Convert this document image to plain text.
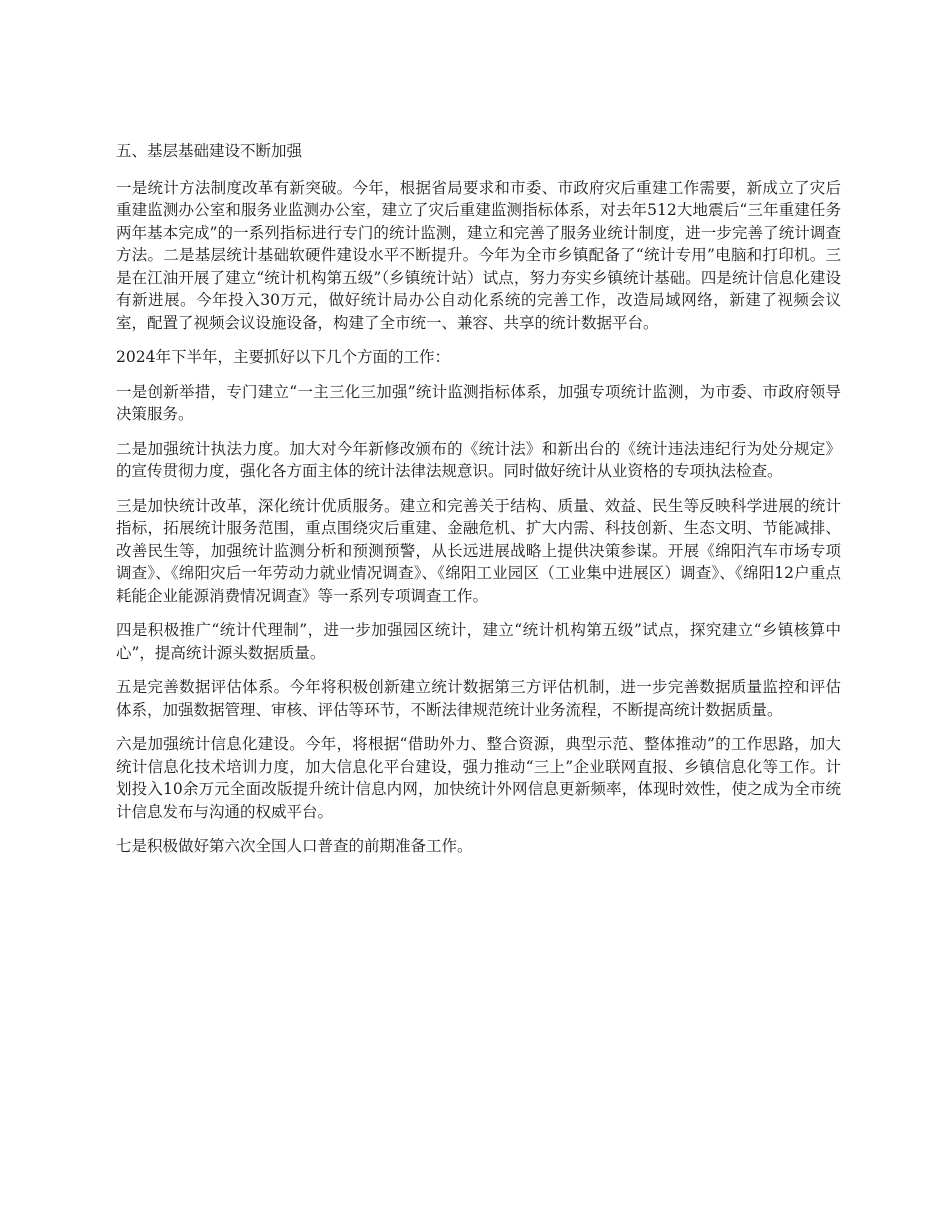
五、基层基础建设不断加强

一是统计方法制度改革有新突破。今年，根据省局要求和市委、市政府灾后重建工作需要，新成立了灾后重建监测办公室和服务业监测办公室，建立了灾后重建监测指标体系，对去年512大地震后“三年重建任务两年基本完成”的一系列指标进行专门的统计监测，建立和完善了服务业统计制度，进一步完善了统计调查方法。二是基层统计基础软硬件建设水平不断提升。今年为全市乡镇配备了“统计专用”电脑和打印机。三是在江油开展了建立“统计机构第五级”（乡镇统计站）试点，努力夯实乡镇统计基础。四是统计信息化建设有新进展。今年投入30万元，做好统计局办公自动化系统的完善工作，改造局域网络，新建了视频会议室，配置了视频会议设施设备，构建了全市统一、兼容、共享的统计数据平台。

2024年下半年，主要抓好以下几个方面的工作：

一是创新举措，专门建立“一主三化三加强”统计监测指标体系，加强专项统计监测，为市委、市政府领导决策服务。

二是加强统计执法力度。加大对今年新修改颁布的《统计法》和新出台的《统计违法违纪行为处分规定》的宣传贯彻力度，强化各方面主体的统计法律法规意识。同时做好统计从业资格的专项执法检查。

三是加快统计改革，深化统计优质服务。建立和完善关于结构、质量、效益、民生等反映科学进展的统计指标，拓展统计服务范围，重点围绕灾后重建、金融危机、扩大内需、科技创新、生态文明、节能减排、改善民生等，加强统计监测分析和预测预警，从长远进展战略上提供决策参谋。开展《绵阳汽车市场专项调查》、《绵阳灾后一年劳动力就业情况调查》、《绵阳工业园区（工业集中进展区）调查》、《绵阳12户重点耗能企业能源消费情况调查》等一系列专项调查工作。

四是积极推广“统计代理制”，进一步加强园区统计，建立“统计机构第五级”试点，探究建立“乡镇核算中心”，提高统计源头数据质量。

五是完善数据评估体系。今年将积极创新建立统计数据第三方评估机制，进一步完善数据质量监控和评估体系，加强数据管理、审核、评估等环节，不断法律规范统计业务流程，不断提高统计数据质量。

六是加强统计信息化建设。今年，将根据“借助外力、整合资源，典型示范、整体推动”的工作思路，加大统计信息化技术培训力度，加大信息化平台建设，强力推动“三上”企业联网直报、乡镇信息化等工作。计划投入10余万元全面改版提升统计信息内网，加快统计外网信息更新频率，体现时效性，使之成为全市统计信息发布与沟通的权威平台。

七是积极做好第六次全国人口普查的前期准备工作。
